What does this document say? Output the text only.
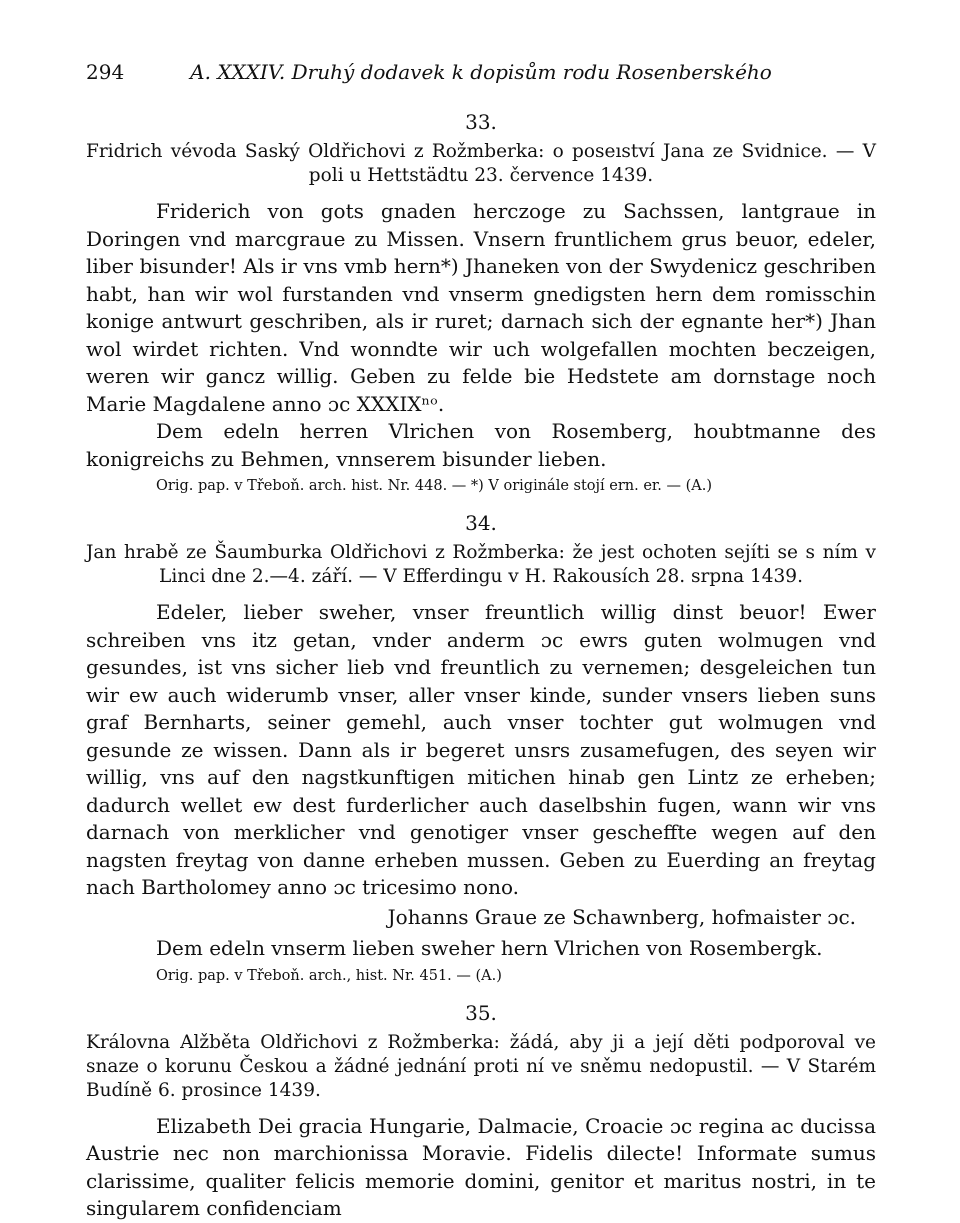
294	A. XXXIV. Druhý dodavek k dopisům rodu Rosenberského
33.

Fridrich vévoda Saský Oldřichovi z Rožmberka: o poseıství Jana ze Svidnice. — V poli u Hettstädtu 23. července 1439.

Friderich von gots gnaden herczoge zu Sachssen, lantgraue in Doringen vnd marcgraue zu Missen. Vnsern fruntlichem grus beuor, edeler, liber bisunder! Als ir vns vmb hern*) Jhaneken von der Swydenicz geschriben habt, han wir wol furstanden vnd vnserm gnedigsten hern dem romisschin konige antwurt geschriben, als ir ruret; darnach sich der egnante her*) Jhan wol wirdet richten. Vnd wonndte wir uch wolgefallen mochten beczeigen, weren wir gancz willig. Geben zu felde bie Hedstete am dornstage noch Marie Magdalene anno ɔc XXXIXⁿᵒ.

Dem edeln herren Vlrichen von Rosemberg, houbtmanne des konigreichs zu Behmen, vnnserem bisunder lieben.

Orig. pap. v Třeboň. arch. hist. Nr. 448. — *) V originále stojí ern. er. — (A.)

34.

Jan hrabě ze Šaumburka Oldřichovi z Rožmberka: že jest ochoten sejíti se s ním v Linci dne 2.—4. září. — V Efferdingu v H. Rakousích 28. srpna 1439.

Edeler, lieber sweher, vnser freuntlich willig dinst beuor! Ewer schreiben vns itz getan, vnder anderm ɔc ewrs guten wolmugen vnd gesundes, ist vns sicher lieb vnd freuntlich zu vernemen; desgeleichen tun wir ew auch widerumb vnser, aller vnser kinde, sunder vnsers lieben suns graf Bernharts, seiner gemehl, auch vnser tochter gut wolmugen vnd gesunde ze wissen. Dann als ir begeret unsrs zusamefugen, des seyen wir willig, vns auf den nagstkunftigen mitichen hinab gen Lintz ze erheben; dadurch wellet ew dest furderlicher auch daselbshin fugen, wann wir vns darnach von merklicher vnd genotiger vnser gescheffte wegen auf den nagsten freytag von danne erheben mussen. Geben zu Euerding an freytag nach Bartholomey anno ɔc tricesimo nono.

Johanns Graue ze Schawnberg, hofmaister ɔc.

Dem edeln vnserm lieben sweher hern Vlrichen von Rosembergk.

Orig. pap. v Třeboň. arch., hist. Nr. 451. — (A.)

35.

Královna Alžběta Oldřichovi z Rožmberka: žádá, aby ji a její děti podporoval ve snaze o korunu Českou a žádné jednání proti ní ve sněmu nedopustil. — V Starém Budíně 6. prosince 1439.

Elizabeth Dei gracia Hungarie, Dalmacie, Croacie ɔc regina ac ducissa Austrie nec non marchionissa Moravie. Fidelis dilecte! Informate sumus clarissime, qualiter felicis memorie domini, genitor et maritus nostri, in te singularem confidenciam
